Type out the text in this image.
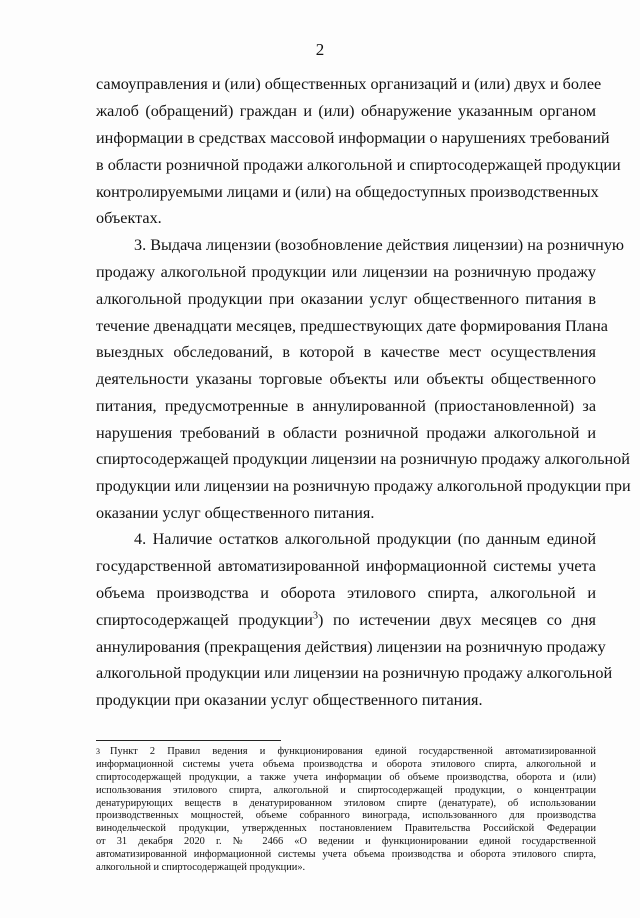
2
самоуправления и (или) общественных организаций и (или) двух и более
жалоб (обращений) граждан и (или) обнаружение указанным органом
информации в средствах массовой информации о нарушениях требований
в области розничной продажи алкогольной и спиртосодержащей продукции
контролируемыми лицами и (или) на общедоступных производственных
объектах.
3. Выдача лицензии (возобновление действия лицензии) на розничную
продажу алкогольной продукции или лицензии на розничную продажу
алкогольной продукции при оказании услуг общественного питания в
течение двенадцати месяцев, предшествующих дате формирования Плана
выездных обследований, в которой в качестве мест осуществления
деятельности указаны торговые объекты или объекты общественного
питания, предусмотренные в аннулированной (приостановленной) за
нарушения требований в области розничной продажи алкогольной и
спиртосодержащей продукции лицензии на розничную продажу алкогольной
продукции или лицензии на розничную продажу алкогольной продукции при
оказании услуг общественного питания.
4. Наличие остатков алкогольной продукции (по данным единой
государственной автоматизированной информационной системы учета
объема производства и оборота этилового спирта, алкогольной и
спиртосодержащей продукции$^3$) по истечении двух месяцев со дня
аннулирования (прекращения действия) лицензии на розничную продажу
алкогольной продукции или лицензии на розничную продажу алкогольной
продукции при оказании услуг общественного питания.
3 Пункт 2 Правил ведения и функционирования единой государственной автоматизированной
информационной системы учета объема производства и оборота этилового спирта, алкогольной и
спиртосодержащей продукции, а также учета информации об объеме производства, оборота и (или)
использования этилового спирта, алкогольной и спиртосодержащей продукции, о концентрации
денатурирующих веществ в денатурированном этиловом спирте (денатурате), об использовании
производственных мощностей, объеме собранного винограда, использованного для производства
винодельческой продукции, утвержденных постановлением Правительства Российской Федерации
от 31 декабря 2020 г. № 2466 «О ведении и функционировании единой государственной
автоматизированной информационной системы учета объема производства и оборота этилового спирта,
алкогольной и спиртосодержащей продукции».
